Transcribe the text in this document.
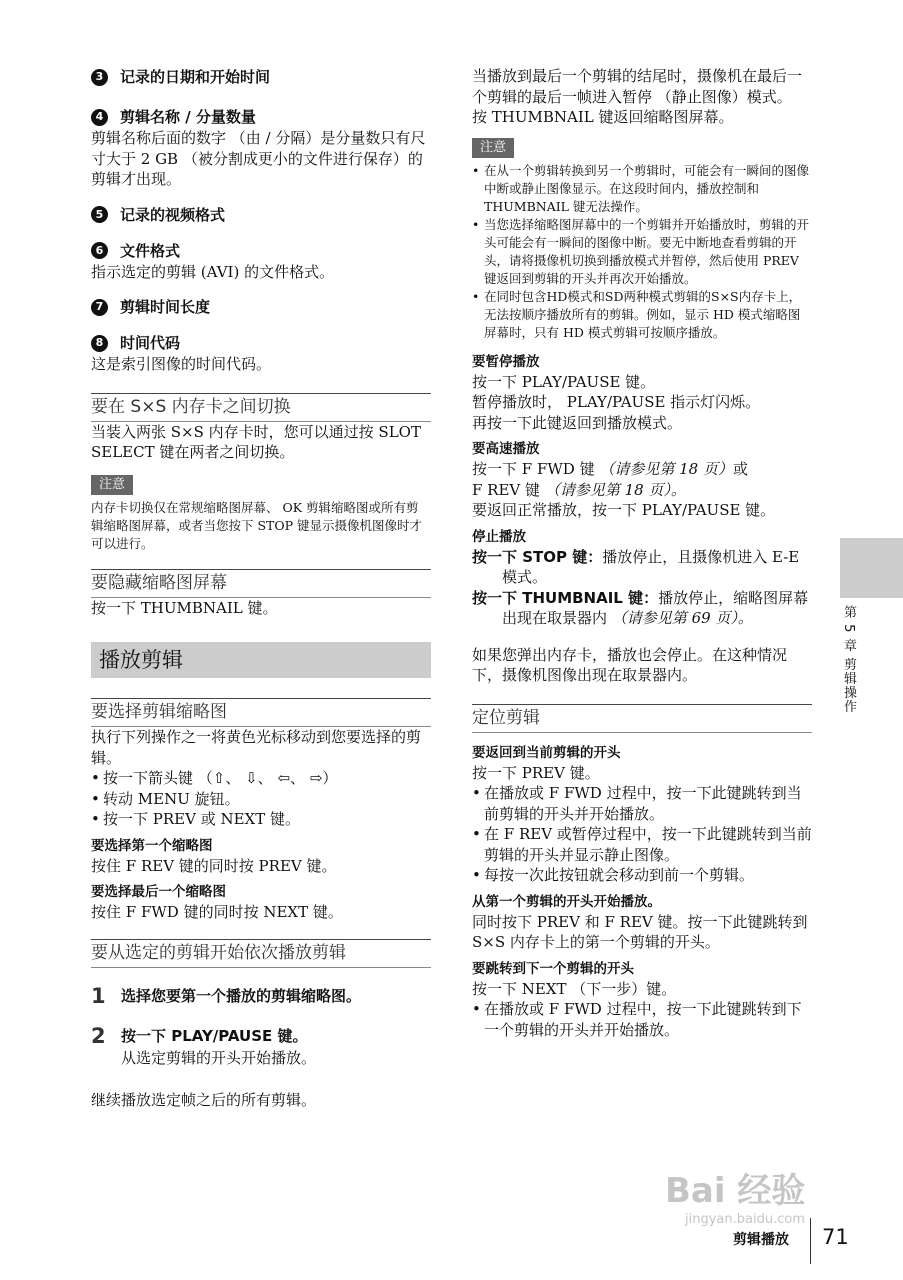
3	记录的日期和开始时间

4	剪辑名称 / 分量数量

剪辑名称后面的数字 （由 / 分隔）是分量数只有尺寸大于 2 GB （被分割成更小的文件进行保存）的剪辑才出现。

5	记录的视频格式

6	文件格式

指示选定的剪辑 (AVI) 的文件格式。

7	剪辑时间长度

8	时间代码

这是索引图像的时间代码。

要在 S×S 内存卡之间切换

当装入两张 S×S 内存卡时，您可以通过按 SLOT SELECT 键在两者之间切换。

注意

内存卡切换仅在常规缩略图屏幕、 OK 剪辑缩略图或所有剪辑缩略图屏幕，或者当您按下 STOP 键显示摄像机图像时才可以进行。

要隐藏缩略图屏幕

按一下 THUMBNAIL 键。

播放剪辑

要选择剪辑缩略图

执行下列操作之一将黄色光标移动到您要选择的剪辑。

• 按一下箭头键 （⇧、 ⇩、 ⇦、 ⇨）
• 转动 MENU 旋钮。
• 按一下 PREV 或 NEXT 键。

要选择第一个缩略图

按住 F REV 键的同时按 PREV 键。

要选择最后一个缩略图

按住 F FWD 键的同时按 NEXT 键。

要从选定的剪辑开始依次播放剪辑

1	选择您要第一个播放的剪辑缩略图。
2	按一下 PLAY/PAUSE 键。
从选定剪辑的开头开始播放。

继续播放选定帧之后的所有剪辑。

当播放到最后一个剪辑的结尾时，摄像机在最后一个剪辑的最后一帧进入暂停 （静止图像）模式。

按 THUMBNAIL 键返回缩略图屏幕。

注意
• 在从一个剪辑转换到另一个剪辑时，可能会有一瞬间的图像中断或静止图像显示。在这段时间内，播放控制和 THUMBNAIL 键无法操作。
• 当您选择缩略图屏幕中的一个剪辑并开始播放时，剪辑的开头可能会有一瞬间的图像中断。要无中断地查看剪辑的开头，请将摄像机切换到播放模式并暂停，然后使用 PREV 键返回到剪辑的开头并再次开始播放。
• 在同时包含HD模式和SD两种模式剪辑的S×S内存卡上，无法按顺序播放所有的剪辑。例如，显示 HD 模式缩略图屏幕时，只有 HD 模式剪辑可按顺序播放。

要暂停播放

按一下 PLAY/PAUSE 键。

暂停播放时， PLAY/PAUSE 指示灯闪烁。

再按一下此键返回到播放模式。

要高速播放

按一下 F FWD 键 （请参见第 18 页）或

F REV 键 （请参见第 18 页）。

要返回正常播放，按一下 PLAY/PAUSE 键。

停止播放

按一下 STOP 键：播放停止，且摄像机进入 E-E 模式。

按一下 THUMBNAIL 键：播放停止，缩略图屏幕出现在取景器内 （请参见第 69 页）。

如果您弹出内存卡，播放也会停止。在这种情况下，摄像机图像出现在取景器内。

定位剪辑

要返回到当前剪辑的开头

按一下 PREV 键。

• 在播放或 F FWD 过程中，按一下此键跳转到当前剪辑的开头并开始播放。
• 在 F REV 或暂停过程中，按一下此键跳转到当前剪辑的开头并显示静止图像。
• 每按一次此按钮就会移动到前一个剪辑。

从第一个剪辑的开头开始播放。

同时按下 PREV 和 F REV 键。按一下此键跳转到 S×S 内存卡上的第一个剪辑的开头。

要跳转到下一个剪辑的开头

按一下 NEXT （下一步）键。

• 在播放或 F FWD 过程中，按一下此键跳转到下一个剪辑的开头并开始播放。
第 5 章 剪辑操作
Bai 经验
jingyan.baidu.com
剪辑播放 71
